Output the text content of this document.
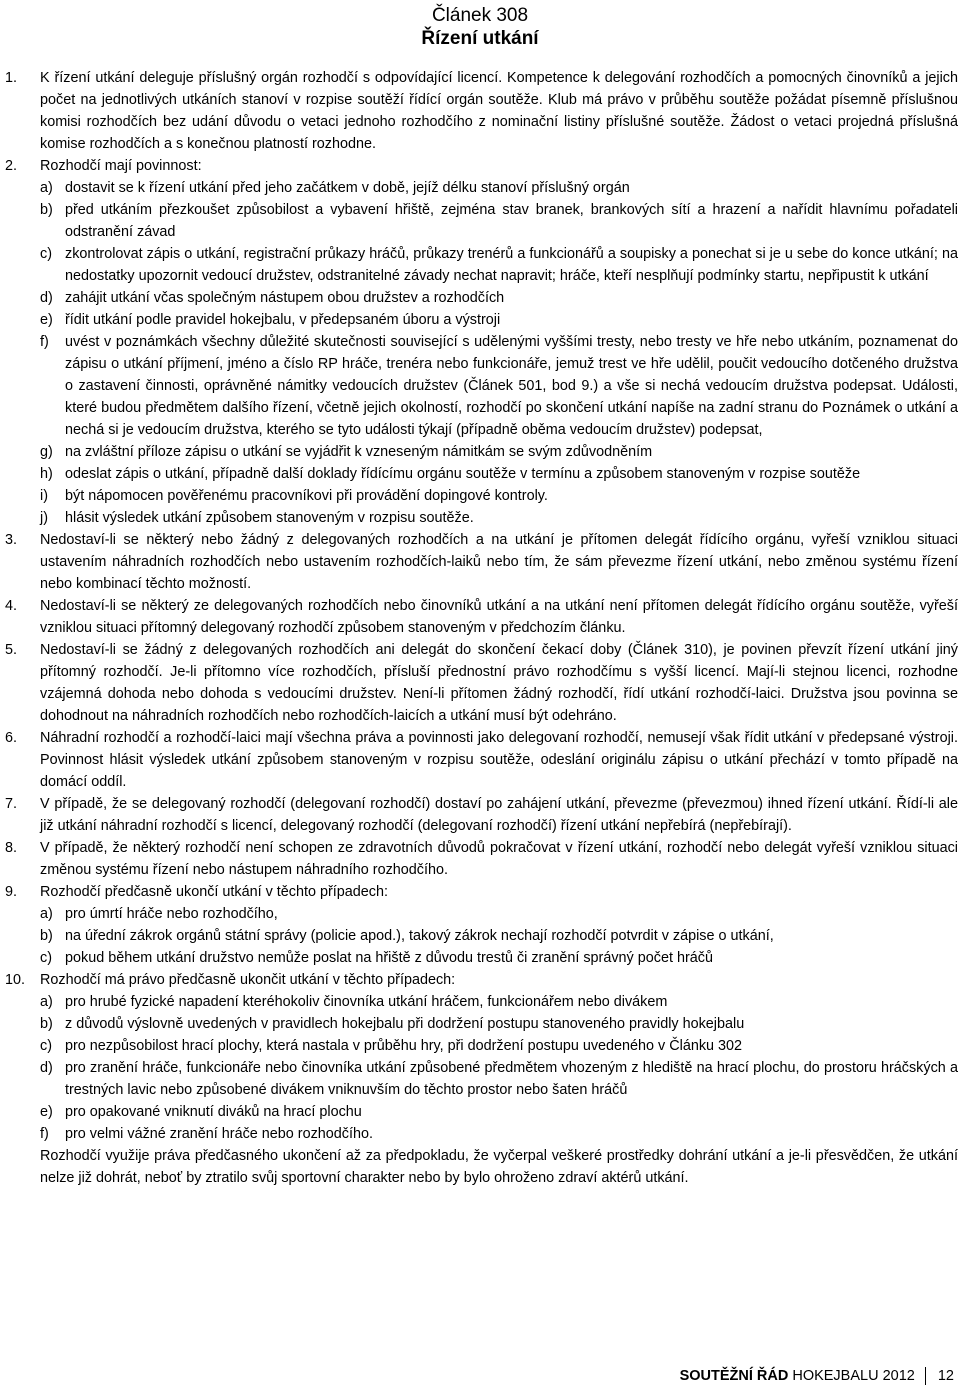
Článek 308
Řízení utkání
1. K řízení utkání deleguje příslušný orgán rozhodčí s odpovídající licencí. Kompetence k delegování rozhodčích a pomocných činovníků a jejich počet na jednotlivých utkáních stanoví v rozpise soutěží řídící orgán soutěže. Klub má právo v průběhu soutěže požádat písemně příslušnou komisi rozhodčích bez udání důvodu o vetaci jednoho rozhodčího z nominační listiny příslušné soutěže. Žádost o vetaci projedná příslušná komise rozhodčích a s konečnou platností rozhodne.
2. Rozhodčí mají povinnost:
a) dostavit se k řízení utkání před jeho začátkem v době, jejíž délku stanoví příslušný orgán
b) před utkáním přezkoušet způsobilost a vybavení hřiště, zejména stav branek, brankových sítí a hrazení a nařídit hlavnímu pořadateli odstranění závad
c) zkontrolovat zápis o utkání, registrační průkazy hráčů, průkazy trenérů a funkcionářů a soupisky a ponechat si je u sebe do konce utkání; na nedostatky upozornit vedoucí družstev, odstranitelné závady nechat napravit; hráče, kteří nesplňují podmínky startu, nepřipustit k utkání
d) zahájit utkání včas společným nástupem obou družstev a rozhodčích
e) řídit utkání podle pravidel hokejbalu, v předepsaném úboru a výstroji
f) uvést v poznámkách všechny důležité skutečnosti související s udělenými vyššími tresty, nebo tresty ve hře nebo utkáním, poznamenat do zápisu o utkání příjmení, jméno a číslo RP hráče, trenéra nebo funkcionáře, jemuž trest ve hře udělil, poučit vedoucího dotčeného družstva o zastavení činnosti, oprávněné námitky vedoucích družstev (Článek 501, bod 9.) a vše si nechá vedoucím družstva podepsat. Události, které budou předmětem dalšího řízení, včetně jejich okolností, rozhodčí po skončení utkání napíše na zadní stranu do Poznámek o utkání a nechá si je vedoucím družstva, kterého se tyto události týkají (případně oběma vedoucím družstev) podepsat,
g) na zvláštní příloze zápisu o utkání se vyjádřit k vzneseným námitkám se svým zdůvodněním
h) odeslat zápis o utkání, případně další doklady řídícímu orgánu soutěže v termínu a způsobem stanoveným v rozpise soutěže
i) být nápomocen pověřenému pracovníkovi při provádění dopingové kontroly.
j) hlásit výsledek utkání způsobem stanoveným v rozpisu soutěže.
3. Nedostaví-li se některý nebo žádný z delegovaných rozhodčích a na utkání je přítomen delegát řídícího orgánu, vyřeší vzniklou situaci ustavením náhradních rozhodčích nebo ustavením rozhodčích-laiků nebo tím, že sám převezme řízení utkání, nebo změnou systému řízení nebo kombinací těchto možností.
4. Nedostaví-li se některý ze delegovaných rozhodčích nebo činovníků utkání a na utkání není přítomen delegát řídícího orgánu soutěže, vyřeší vzniklou situaci přítomný delegovaný rozhodčí způsobem stanoveným v předchozím článku.
5. Nedostaví-li se žádný z delegovaných rozhodčích ani delegát do skončení čekací doby (Článek 310), je povinen převzít řízení utkání jiný přítomný rozhodčí. Je-li přítomno více rozhodčích, přísluší přednostní právo rozhodčímu s vyšší licencí. Mají-li stejnou licenci, rozhodne vzájemná dohoda nebo dohoda s vedoucími družstev. Není-li přítomen žádný rozhodčí, řídí utkání rozhodčí-laici. Družstva jsou povinna se dohodnout na náhradních rozhodčích nebo rozhodčích-laicích a utkání musí být odehráno.
6. Náhradní rozhodčí a rozhodčí-laici mají všechna práva a povinnosti jako delegovaní rozhodčí, nemusejí však řídit utkání v předepsané výstroji. Povinnost hlásit výsledek utkání způsobem stanoveným v rozpisu soutěže, odeslání originálu zápisu o utkání přechází v tomto případě na domácí oddíl.
7. V případě, že se delegovaný rozhodčí (delegovaní rozhodčí) dostaví po zahájení utkání, převezme (převezmou) ihned řízení utkání. Řídí-li ale již utkání náhradní rozhodčí s licencí, delegovaný rozhodčí (delegovaní rozhodčí) řízení utkání nepřebírá (nepřebírají).
8. V případě, že některý rozhodčí není schopen ze zdravotních důvodů pokračovat v řízení utkání, rozhodčí nebo delegát vyřeší vzniklou situaci změnou systému řízení nebo nástupem náhradního rozhodčího.
9. Rozhodčí předčasně ukončí utkání v těchto případech:
a) pro úmrtí hráče nebo rozhodčího,
b) na úřední zákrok orgánů státní správy (policie apod.), takový zákrok nechají rozhodčí potvrdit v zápise o utkání,
c) pokud během utkání družstvo nemůže poslat na hřiště z důvodu trestů či zranění správný počet hráčů
10. Rozhodčí má právo předčasně ukončit utkání v těchto případech:
a) pro hrubé fyzické napadení kteréhokoliv činovníka utkání hráčem, funkcionářem nebo divákem
b) z důvodů výslovně uvedených v pravidlech hokejbalu při dodržení postupu stanoveného pravidly hokejbalu
c) pro nezpůsobilost hrací plochy, která nastala v průběhu hry, při dodržení postupu uvedeného v Článku 302
d) pro zranění hráče, funkcionáře nebo činovníka utkání způsobené předmětem vhozeným z hlediště na hrací plochu, do prostoru hráčských a trestných lavic nebo způsobené divákem vniknuvším do těchto prostor nebo šaten hráčů
e) pro opakované vniknutí diváků na hrací plochu
f) pro velmi vážné zranění hráče nebo rozhodčího.
Rozhodčí využije práva předčasného ukončení až za předpokladu, že vyčerpal veškeré prostředky dohrání utkání a je-li přesvědčen, že utkání nelze již dohrát, neboť by ztratilo svůj sportovní charakter nebo by bylo ohroženo zdraví aktérů utkání.
SOUTĚŽNÍ ŘÁD
HOKEJBALU 2012 12
